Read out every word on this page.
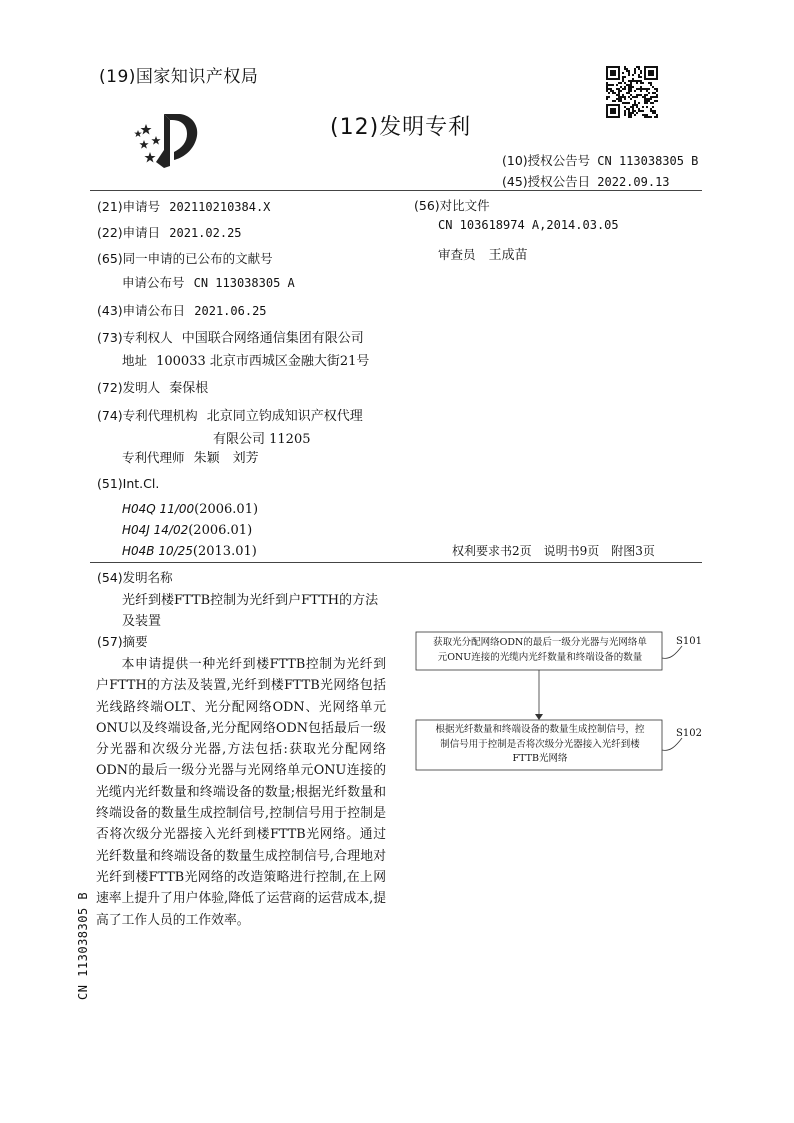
(19)国家知识产权局
(12)发明专利
(10)授权公告号 CN 113038305 B
(45)授权公告日 2022.09.13
(21)申请号 202110210384.X
(22)申请日 2021.02.25
(65)同一申请的已公布的文献号
申请公布号 CN 113038305 A
(43)申请公布日 2021.06.25
(73)专利权人 中国联合网络通信集团有限公司
地址 100033 北京市西城区金融大街21号
(72)发明人 秦保根
(74)专利代理机构 北京同立钧成知识产权代理
有限公司 11205
专利代理师 朱颖　刘芳
(51)Int.Cl.
H04Q 11/00(2006.01)
H04J 14/02(2006.01)
H04B 10/25(2013.01)
(56)对比文件
CN 103618974 A,2014.03.05
审查员 王成苗
权利要求书2页　说明书9页　附图3页
(54)发明名称
光纤到楼FTTB控制为光纤到户FTTH的方法
及装置
(57)摘要
本申请提供一种光纤到楼FTTB控制为光纤到户FTTH的方法及装置,光纤到楼FTTB光网络包括光线路终端OLT、光分配网络ODN、光网络单元ONU以及终端设备,光分配网络ODN包括最后一级分光器和次级分光器,方法包括:获取光分配网络ODN的最后一级分光器与光网络单元ONU连接的光缆内光纤数量和终端设备的数量;根据光纤数量和终端设备的数量生成控制信号,控制信号用于控制是否将次级分光器接入光纤到楼FTTB光网络。通过光纤数量和终端设备的数量生成控制信号,合理地对光纤到楼FTTB光网络的改造策略进行控制,在上网速率上提升了用户体验,降低了运营商的运营成本,提高了工作人员的工作效率。
获取光分配网络ODN的最后一级分光器与光网络单
元ONU连接的光缆内光纤数量和终端设备的数量
根据光纤数量和终端设备的数量生成控制信号，控
制信号用于控制是否将次级分光器接入光纤到楼
FTTB光网络
S101
S102
CN 113038305 B
